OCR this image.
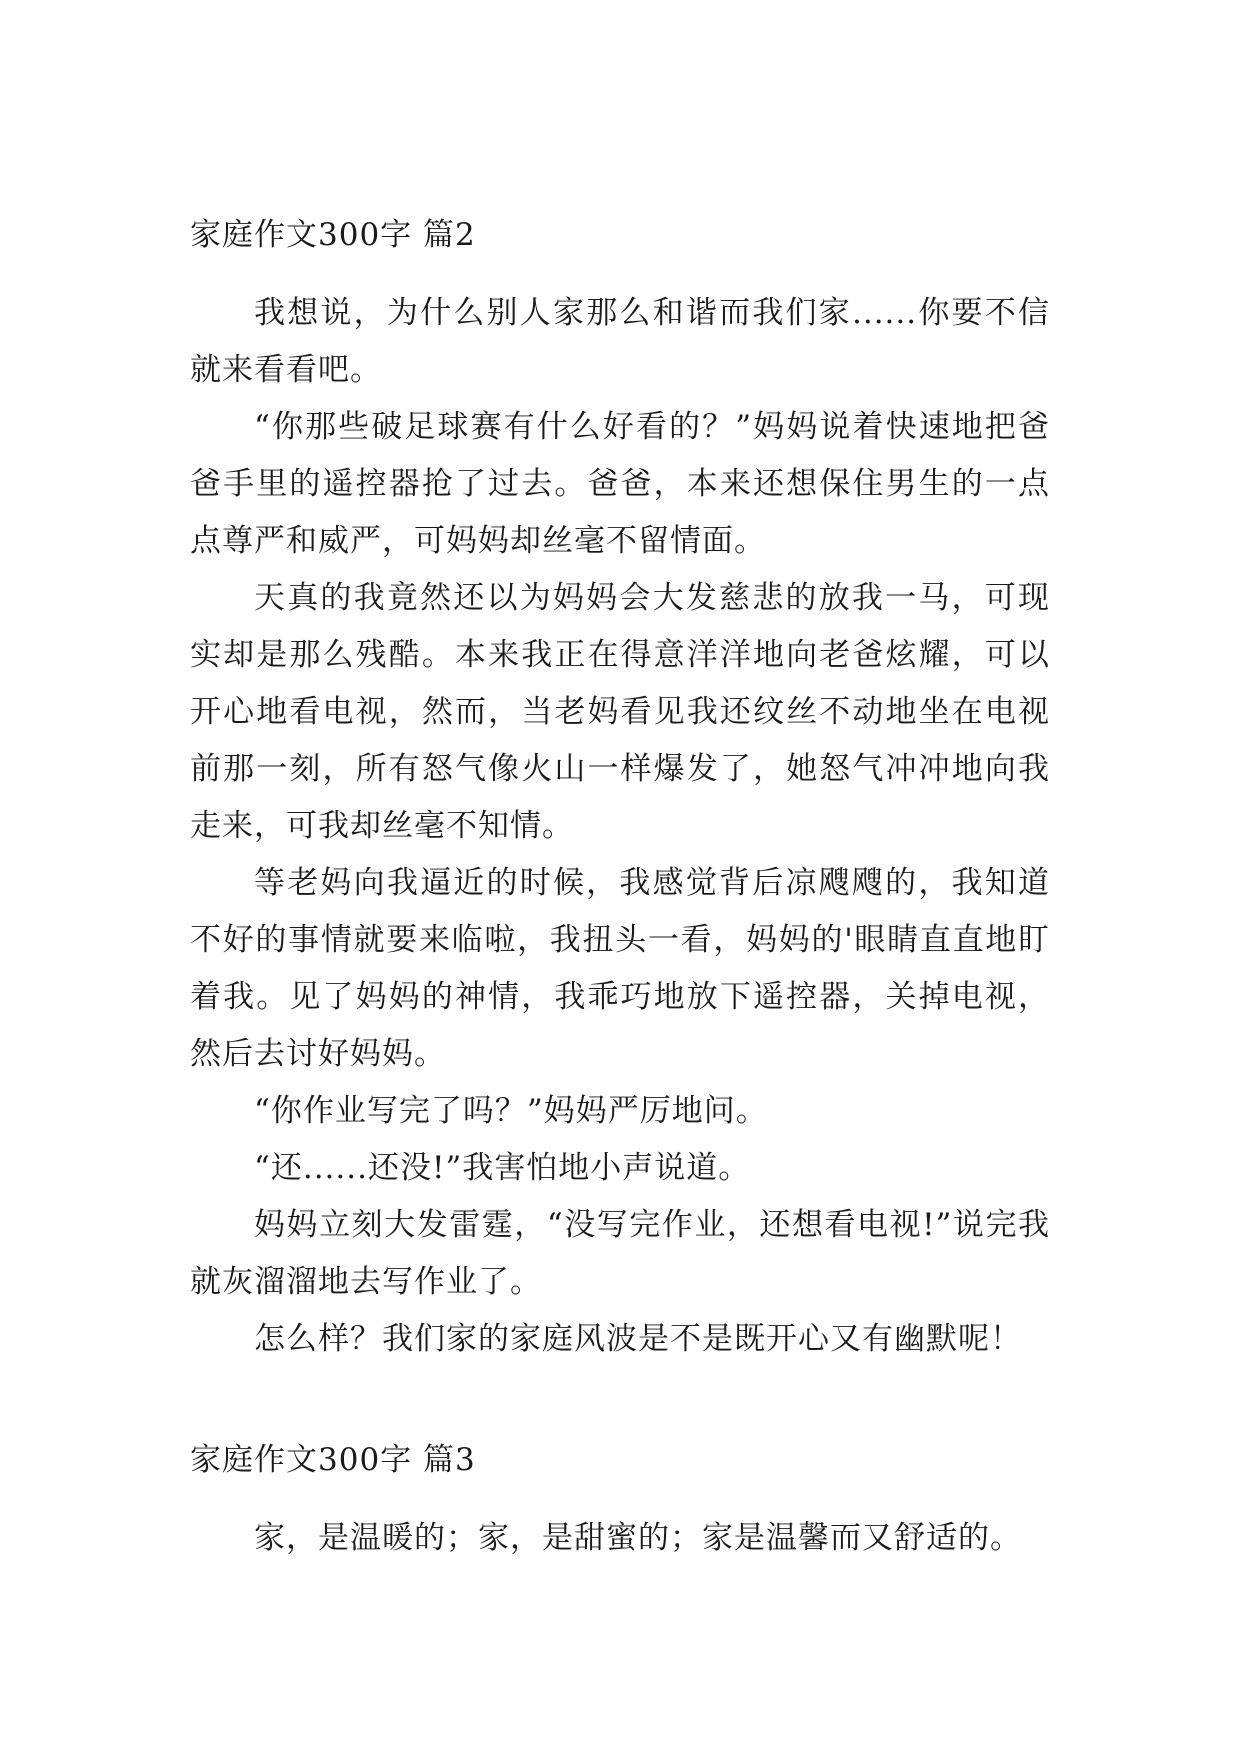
家庭作文300字 篇2

我想说，为什么别人家那么和谐而我们家......你要不信就来看看吧。

“你那些破足球赛有什么好看的？”妈妈说着快速地把爸爸手里的遥控器抢了过去。爸爸，本来还想保住男生的一点点尊严和威严，可妈妈却丝毫不留情面。

天真的我竟然还以为妈妈会大发慈悲的放我一马，可现实却是那么残酷。本来我正在得意洋洋地向老爸炫耀，可以开心地看电视，然而，当老妈看见我还纹丝不动地坐在电视前那一刻，所有怒气像火山一样爆发了，她怒气冲冲地向我走来，可我却丝毫不知情。

等老妈向我逼近的时候，我感觉背后凉飕飕的，我知道不好的事情就要来临啦，我扭头一看，妈妈的'眼睛直直地盯着我。见了妈妈的神情，我乖巧地放下遥控器，关掉电视，然后去讨好妈妈。

“你作业写完了吗？”妈妈严厉地问。

“还......还没!”我害怕地小声说道。

妈妈立刻大发雷霆，“没写完作业，还想看电视!”说完我就灰溜溜地去写作业了。

怎么样？我们家的家庭风波是不是既开心又有幽默呢！

家庭作文300字 篇3

家，是温暖的；家，是甜蜜的；家是温馨而又舒适的。
